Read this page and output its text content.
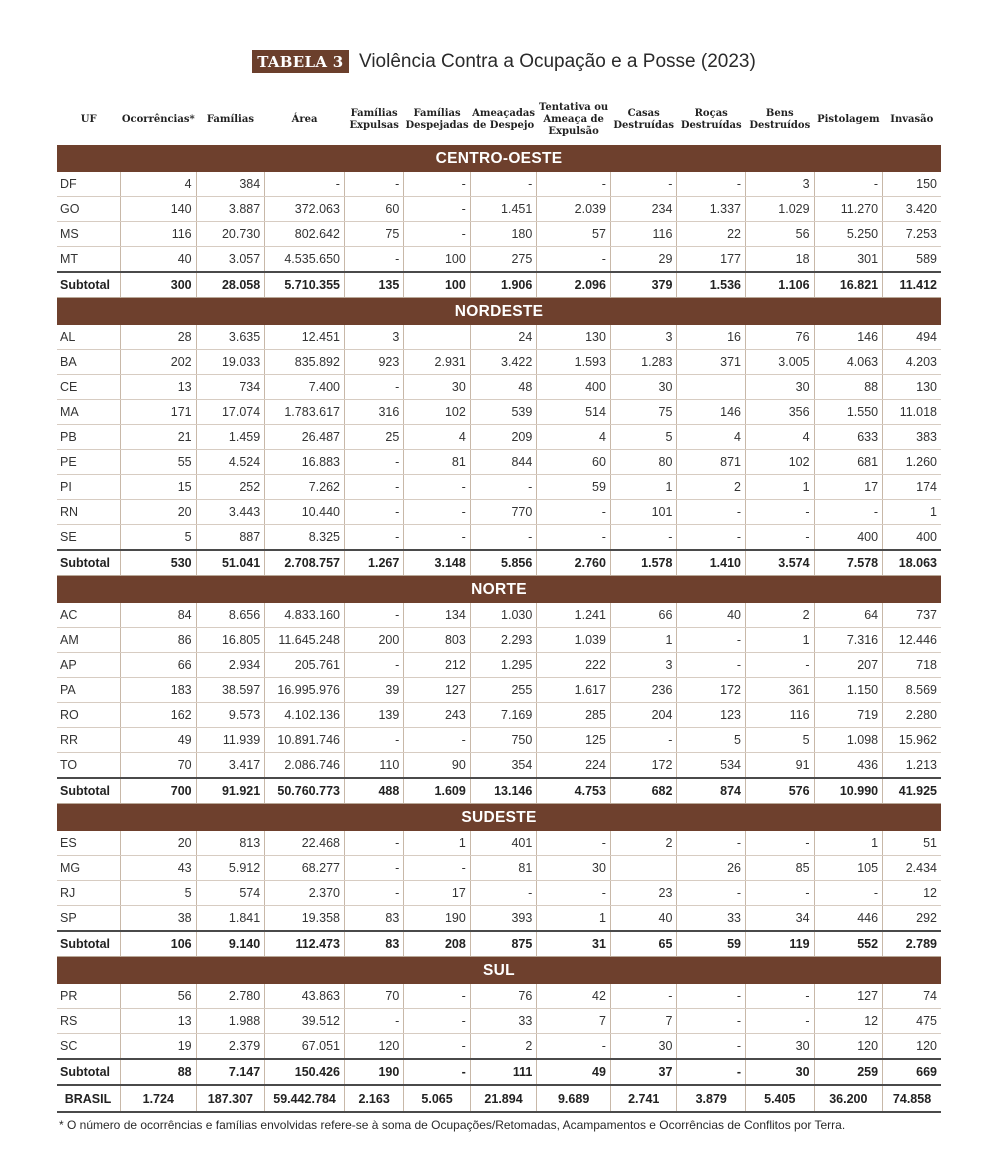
TABELA 3 Violência Contra a Ocupação e a Posse (2023)
UF	Ocorrências*	Famílias	Área	Famílias Expulsas	Famílias Despejadas	Ameaçadas de Despejo	Tentativa ou Ameaça de Expulsão	Casas Destruídas	Roças Destruídas	Bens Destruídos	Pistolagem	Invasão
CENTRO-OESTE												
DF	4	384	-	-	-	-	-	-	-	3	-	150
GO	140	3.887	372.063	60	-	1.451	2.039	234	1.337	1.029	11.270	3.420
MS	116	20.730	802.642	75	-	180	57	116	22	56	5.250	7.253
MT	40	3.057	4.535.650	-	100	275	-	29	177	18	301	589
Subtotal	300	28.058	5.710.355	135	100	1.906	2.096	379	1.536	1.106	16.821	11.412
NORDESTE												
AL	28	3.635	12.451	3		24	130	3	16	76	146	494
BA	202	19.033	835.892	923	2.931	3.422	1.593	1.283	371	3.005	4.063	4.203
CE	13	734	7.400	-	30	48	400	30		30	88	130
MA	171	17.074	1.783.617	316	102	539	514	75	146	356	1.550	11.018
PB	21	1.459	26.487	25	4	209	4	5	4	4	633	383
PE	55	4.524	16.883	-	81	844	60	80	871	102	681	1.260
PI	15	252	7.262	-	-	-	59	1	2	1	17	174
RN	20	3.443	10.440	-	-	770	-	101	-	-	-	1
SE	5	887	8.325	-	-	-	-	-	-	-	400	400
Subtotal	530	51.041	2.708.757	1.267	3.148	5.856	2.760	1.578	1.410	3.574	7.578	18.063
NORTE												
AC	84	8.656	4.833.160	-	134	1.030	1.241	66	40	2	64	737
AM	86	16.805	11.645.248	200	803	2.293	1.039	1	-	1	7.316	12.446
AP	66	2.934	205.761	-	212	1.295	222	3	-	-	207	718
PA	183	38.597	16.995.976	39	127	255	1.617	236	172	361	1.150	8.569
RO	162	9.573	4.102.136	139	243	7.169	285	204	123	116	719	2.280
RR	49	11.939	10.891.746	-	-	750	125	-	5	5	1.098	15.962
TO	70	3.417	2.086.746	110	90	354	224	172	534	91	436	1.213
Subtotal	700	91.921	50.760.773	488	1.609	13.146	4.753	682	874	576	10.990	41.925
SUDESTE												
ES	20	813	22.468	-	1	401	-	2	-	-	1	51
MG	43	5.912	68.277	-	-	81	30		26	85	105	2.434
RJ	5	574	2.370	-	17	-	-	23	-	-	-	12
SP	38	1.841	19.358	83	190	393	1	40	33	34	446	292
Subtotal	106	9.140	112.473	83	208	875	31	65	59	119	552	2.789
SUL												
PR	56	2.780	43.863	70	-	76	42	-	-	-	127	74
RS	13	1.988	39.512	-	-	33	7	7	-	-	12	475
SC	19	2.379	67.051	120	-	2	-	30	-	30	120	120
Subtotal	88	7.147	150.426	190	-	111	49	37	-	30	259	669
BRASIL	1.724	187.307	59.442.784	2.163	5.065	21.894	9.689	2.741	3.879	5.405	36.200	74.858
* O número de ocorrências e famílias envolvidas refere-se à soma de Ocupações/Retomadas, Acampamentos e Ocorrências de Conflitos por Terra.
